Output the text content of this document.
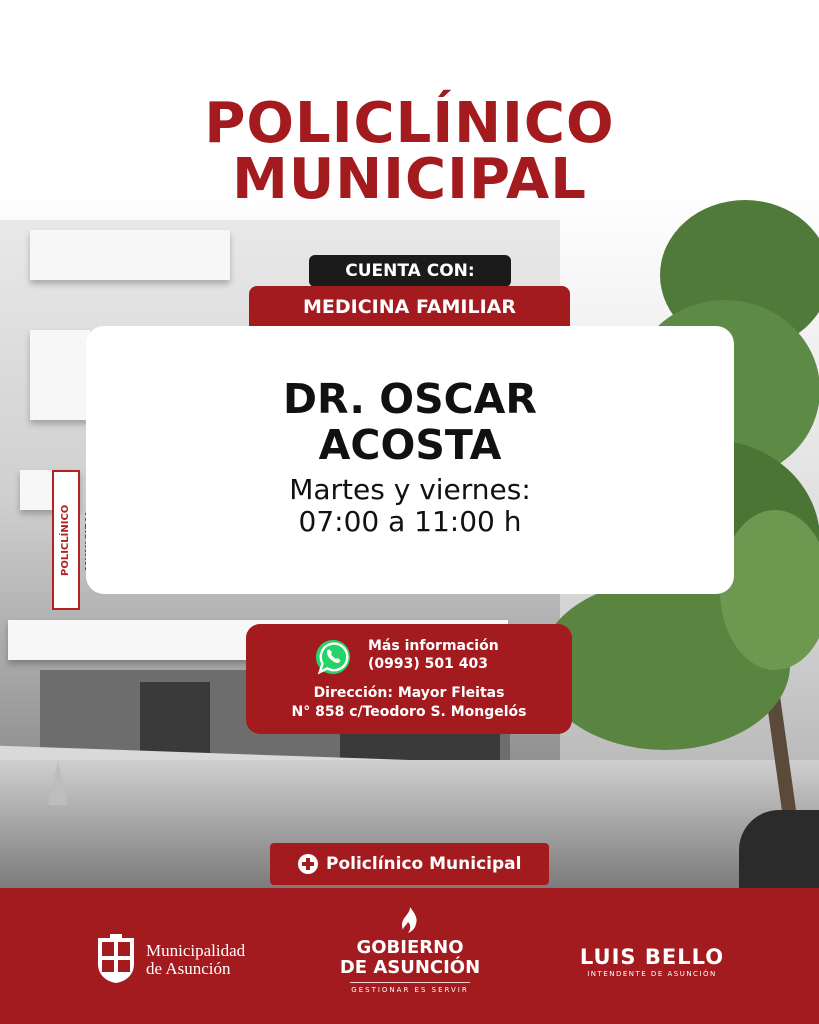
POLICLÍNICO
POLICLÍNICO
MUNICIPAL
CUENTA CON:
MEDICINA FAMILIAR
DR. OSCAR
ACOSTA
Martes y viernes:
07:00 a 11:00 h
Más información
(0993) 501 403
Dirección: Mayor Fleitas
N° 858 c/Teodoro S. Mongelós
Policlínico Municipal
Municipalidad
de Asunción
GOBIERNO
DE ASUNCIÓN
GESTIONAR ES SERVIR
LUIS BELLO
INTENDENTE DE ASUNCIÓN
